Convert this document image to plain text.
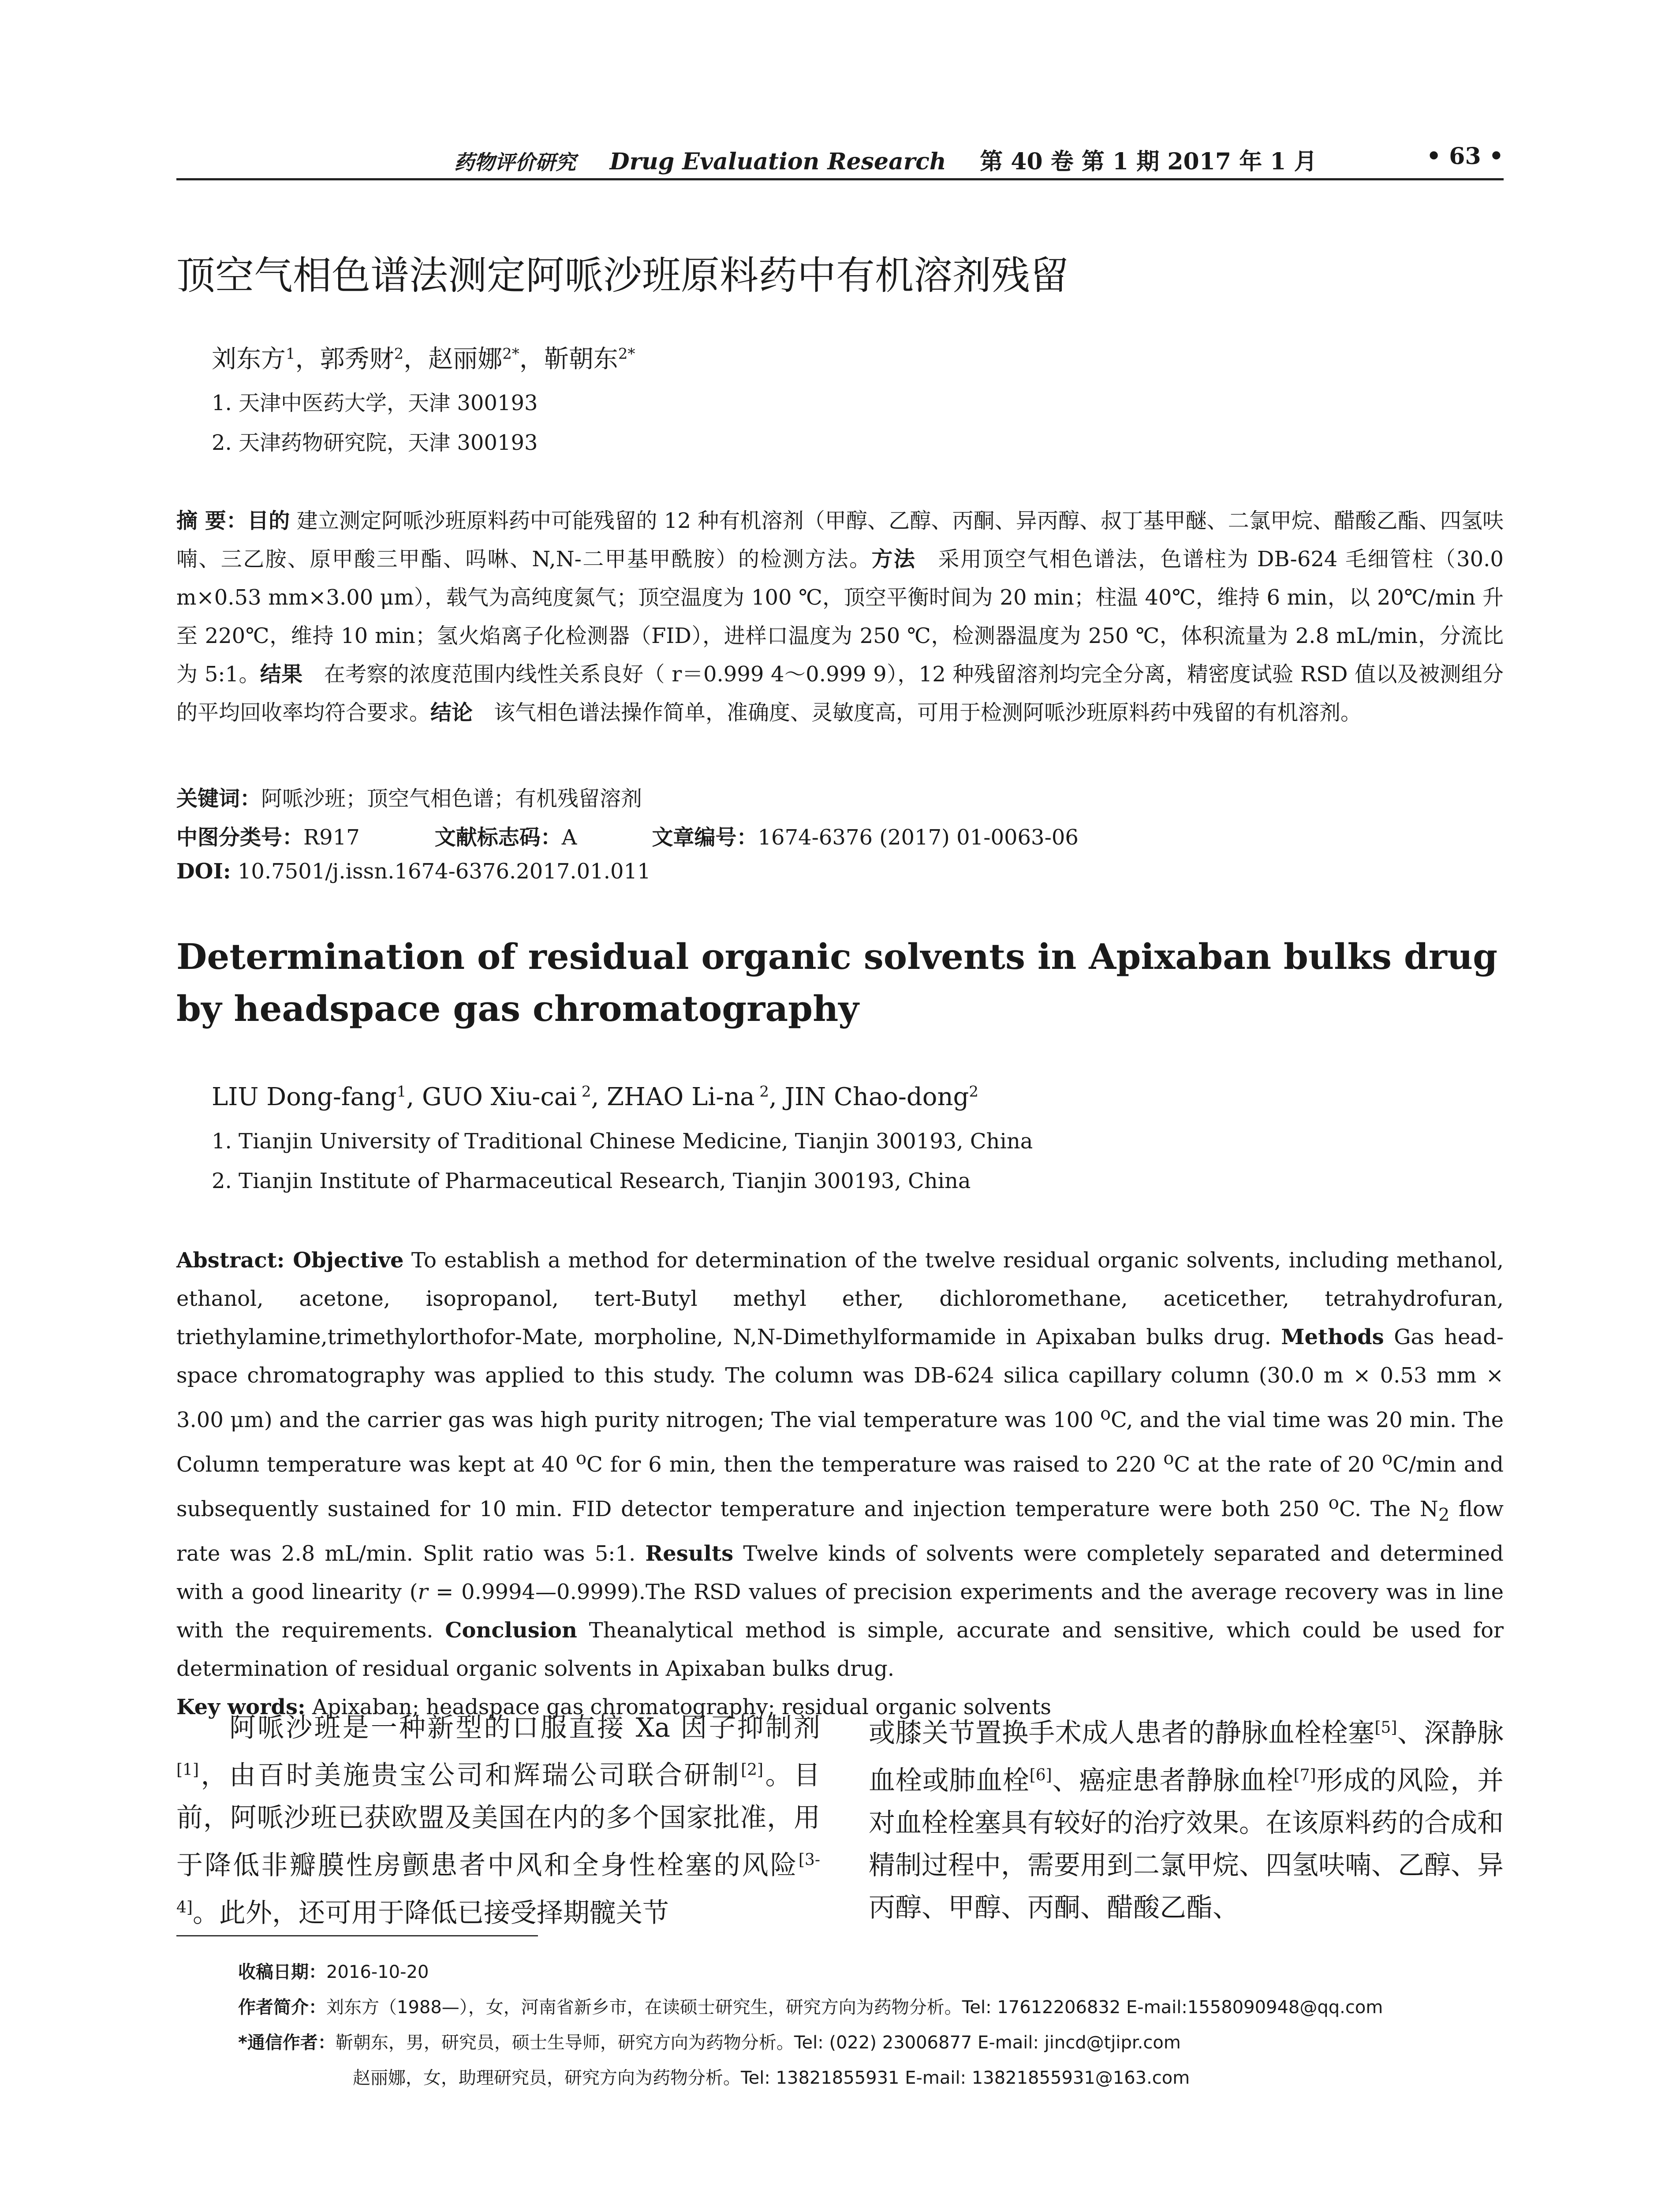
药物评价研究 Drug Evaluation Research 第 40 卷 第 1 期 2017 年 1 月	• 63 •
顶空气相色谱法测定阿哌沙班原料药中有机溶剂残留
刘东方$^1$，郭秀财$^2$，赵丽娜$^{2*}$，靳朝东$^{2*}$
1. 天津中医药大学，天津 300193
2. 天津药物研究院，天津 300193
摘 要：目的 建立测定阿哌沙班原料药中可能残留的 12 种有机溶剂（甲醇、乙醇、丙酮、异丙醇、叔丁基甲醚、二氯甲烷、醋酸乙酯、四氢呋喃、三乙胺、原甲酸三甲酯、吗啉、N,N-二甲基甲酰胺）的检测方法。方法　采用顶空气相色谱法，色谱柱为 DB-624 毛细管柱（30.0 m×0.53 mm×3.00 μm），载气为高纯度氮气；顶空温度为 100 ℃，顶空平衡时间为 20 min；柱温 40℃，维持 6 min，以 20℃/min 升至 220℃，维持 10 min；氢火焰离子化检测器（FID），进样口温度为 250 ℃，检测器温度为 250 ℃，体积流量为 2.8 mL/min，分流比为 5:1。结果　在考察的浓度范围内线性关系良好（ r＝0.999 4～0.999 9），12 种残留溶剂均完全分离，精密度试验 RSD 值以及被测组分的平均回收率均符合要求。结论　该气相色谱法操作简单，准确度、灵敏度高，可用于检测阿哌沙班原料药中残留的有机溶剂。
关键词：阿哌沙班；顶空气相色谱；有机残留溶剂
中图分类号：R917	文献标志码：A	文章编号：1674-6376 (2017) 01-0063-06
DOI: 10.7501/j.issn.1674-6376.2017.01.011
Determination of residual organic solvents in Apixaban bulks drug by headspace gas chromatography
LIU Dong-fang$^1$, GUO Xiu-cai $^2$, ZHAO Li-na $^2$, JIN Chao-dong$^2$
1. Tianjin University of Traditional Chinese Medicine, Tianjin 300193, China
2. Tianjin Institute of Pharmaceutical Research, Tianjin 300193, China
Abstract: Objective To establish a method for determination of the twelve residual organic solvents, including methanol, ethanol, acetone, isopropanol, tert-Butyl methyl ether, dichloromethane, aceticether, tetrahydrofuran, triethylamine,trimethylorthofor-Mate, morpholine, N,N-Dimethylformamide in Apixaban bulks drug. Methods Gas head-space chromatography was applied to this study. The column was DB-624 silica capillary column (30.0 m × 0.53 mm × 3.00 μm) and the carrier gas was high purity nitrogen; The vial temperature was 100 $^o$C, and the vial time was 20 min. The Column temperature was kept at 40 $^o$C for 6 min, then the temperature was raised to 220 $^o$C at the rate of 20 $^o$C/min and subsequently sustained for 10 min. FID detector temperature and injection temperature were both 250 $^o$C. The $N_2$ flow rate was 2.8 mL/min. Split ratio was 5:1. Results Twelve kinds of solvents were completely separated and determined with a good linearity (r = 0.9994—0.9999).The RSD values of precision experiments and the average recovery was in line with the requirements. Conclusion Theanalytical method is simple, accurate and sensitive, which could be used for determination of residual organic solvents in Apixaban bulks drug.
Key words: Apixaban; headspace gas chromatography; residual organic solvents
阿哌沙班是一种新型的口服直接 Xa 因子抑制剂[1]，由百时美施贵宝公司和辉瑞公司联合研制[2]。目前，阿哌沙班已获欧盟及美国在内的多个国家批准，用于降低非瓣膜性房颤患者中风和全身性栓塞的风险[3-4]。此外，还可用于降低已接受择期髋关节
或膝关节置换手术成人患者的静脉血栓栓塞[5]、深静脉血栓或肺血栓[6]、癌症患者静脉血栓[7]形成的风险，并对血栓栓塞具有较好的治疗效果。在该原料药的合成和精制过程中，需要用到二氯甲烷、四氢呋喃、乙醇、异丙醇、甲醇、丙酮、醋酸乙酯、
收稿日期：2016-10-20
作者简介：刘东方（1988—），女，河南省新乡市，在读硕士研究生，研究方向为药物分析。Tel: 17612206832 E-mail:1558090948@qq.com
*通信作者：靳朝东，男，研究员，硕士生导师，研究方向为药物分析。Tel: (022) 23006877 E-mail: jincd@tjipr.com
赵丽娜，女，助理研究员，研究方向为药物分析。Tel: 13821855931 E-mail: 13821855931@163.com
